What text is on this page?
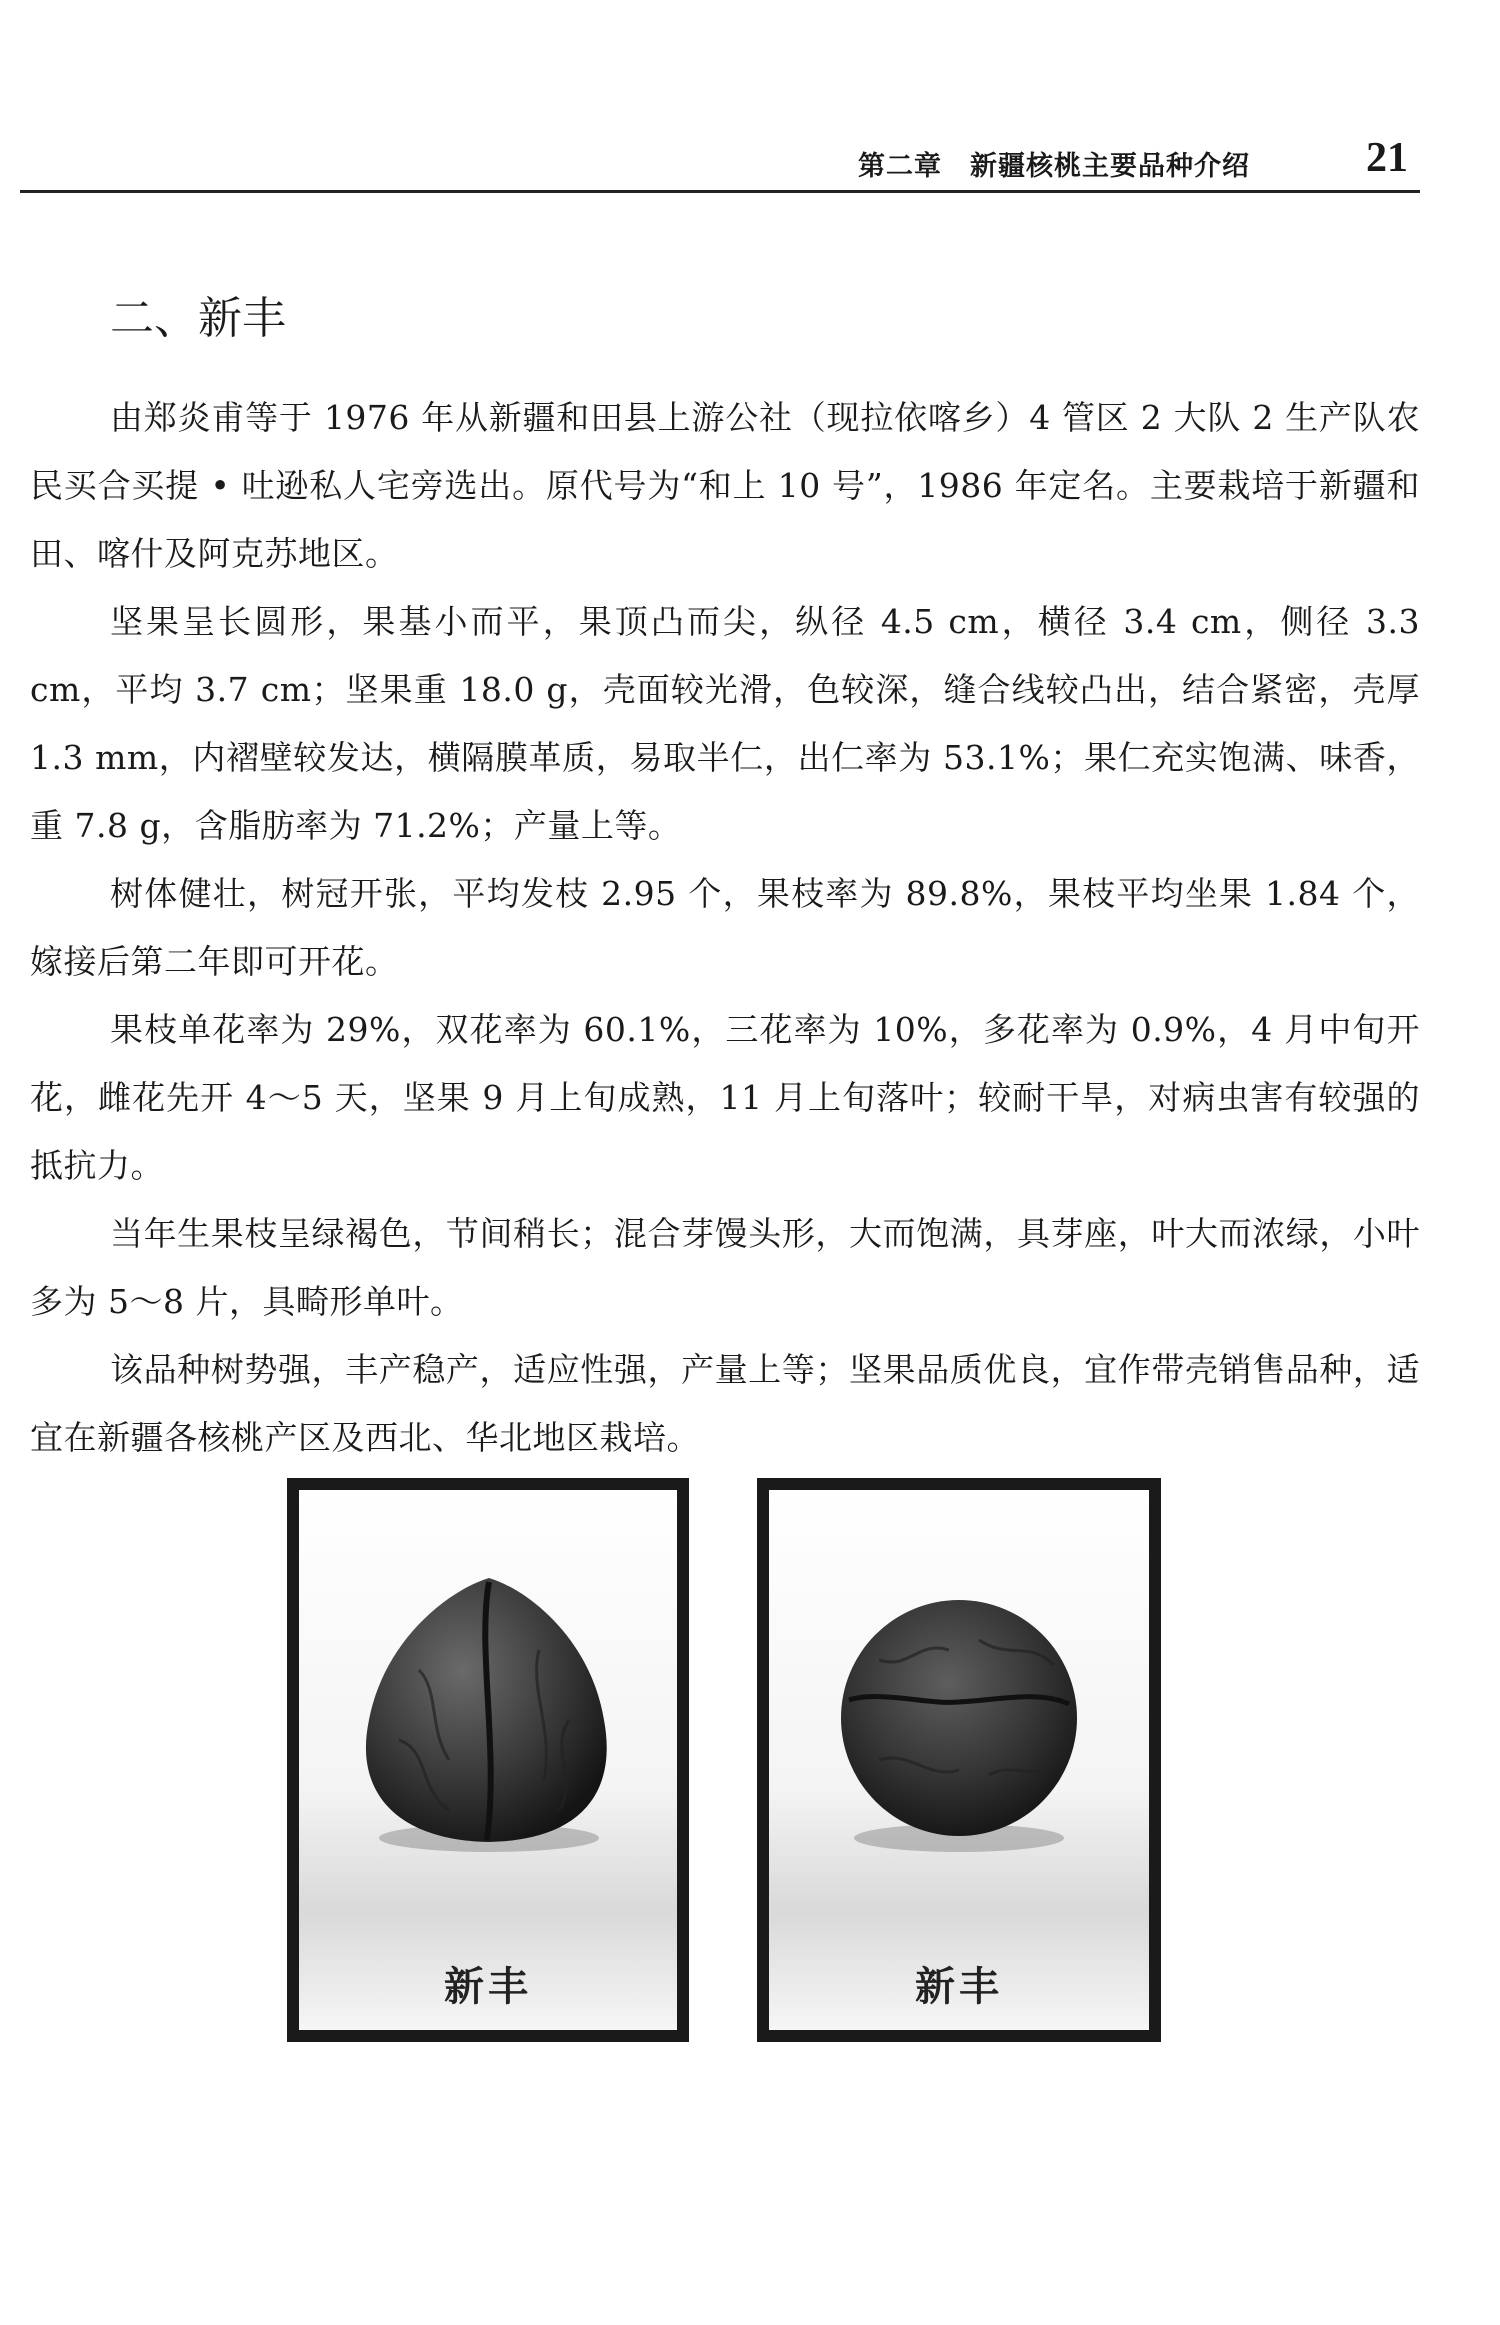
第二章　新疆核桃主要品种介绍	21
二、新丰

由郑炎甫等于 1976 年从新疆和田县上游公社（现拉依喀乡）4 管区 2 大队 2 生产队农民买合买提 • 吐逊私人宅旁选出。原代号为“和上 10 号”，1986 年定名。主要栽培于新疆和田、喀什及阿克苏地区。

坚果呈长圆形，果基小而平，果顶凸而尖，纵径 4.5 cm，横径 3.4 cm，侧径 3.3 cm，平均 3.7 cm；坚果重 18.0 g，壳面较光滑，色较深，缝合线较凸出，结合紧密，壳厚 1.3 mm，内褶壁较发达，横隔膜革质，易取半仁，出仁率为 53.1%；果仁充实饱满、味香，重 7.8 g，含脂肪率为 71.2%；产量上等。

树体健壮，树冠开张，平均发枝 2.95 个，果枝率为 89.8%，果枝平均坐果 1.84 个，嫁接后第二年即可开花。

果枝单花率为 29%，双花率为 60.1%，三花率为 10%，多花率为 0.9%，4 月中旬开花，雌花先开 4～5 天，坚果 9 月上旬成熟，11 月上旬落叶；较耐干旱，对病虫害有较强的抵抗力。

当年生果枝呈绿褐色，节间稍长；混合芽馒头形，大而饱满，具芽座，叶大而浓绿，小叶多为 5～8 片，具畸形单叶。

该品种树势强，丰产稳产，适应性强，产量上等；坚果品质优良，宜作带壳销售品种，适宜在新疆各核桃产区及西北、华北地区栽培。

新丰	新丰
